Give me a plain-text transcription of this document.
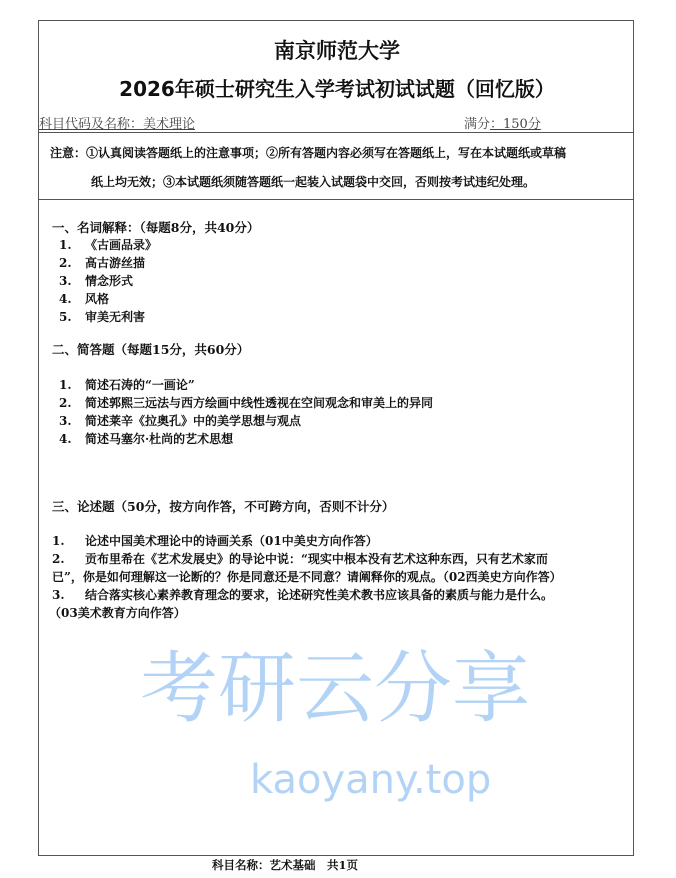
南京师范大学
2026年硕士研究生入学考试初试试题（回忆版）
科目代码及名称：美术理论	满分：150分
注意：①认真阅读答题纸上的注意事项；②所有答题内容必须写在答题纸上，写在本试题纸或草稿
纸上均无效；③本试题纸须随答题纸一起装入试题袋中交回，否则按考试违纪处理。
一、名词解释：（每题8分，共40分）
1. 《古画品录》
2. 高古游丝描
3. 情念形式
4. 风格
5. 审美无利害
二、简答题（每题15分，共60分）
1. 简述石涛的“一画论”
2. 简述郭熙三远法与西方绘画中线性透视在空间观念和审美上的异同
3. 简述莱辛《拉奥孔》中的美学思想与观点
4. 简述马塞尔·杜尚的艺术思想
三、论述题（50分，按方向作答，不可跨方向，否则不计分）
1. 论述中国美术理论中的诗画关系（01中美史方向作答）
2. 贡布里希在《艺术发展史》的导论中说：“现实中根本没有艺术这种东西，只有艺术家而
已”，你是如何理解这一论断的？你是同意还是不同意？请阐释你的观点。（02西美史方向作答）
3. 结合落实核心素养教育理念的要求，论述研究性美术教书应该具备的素质与能力是什么。
（03美术教育方向作答）
考研云分享
kaoyany.top
科目名称：艺术基础　共1页
